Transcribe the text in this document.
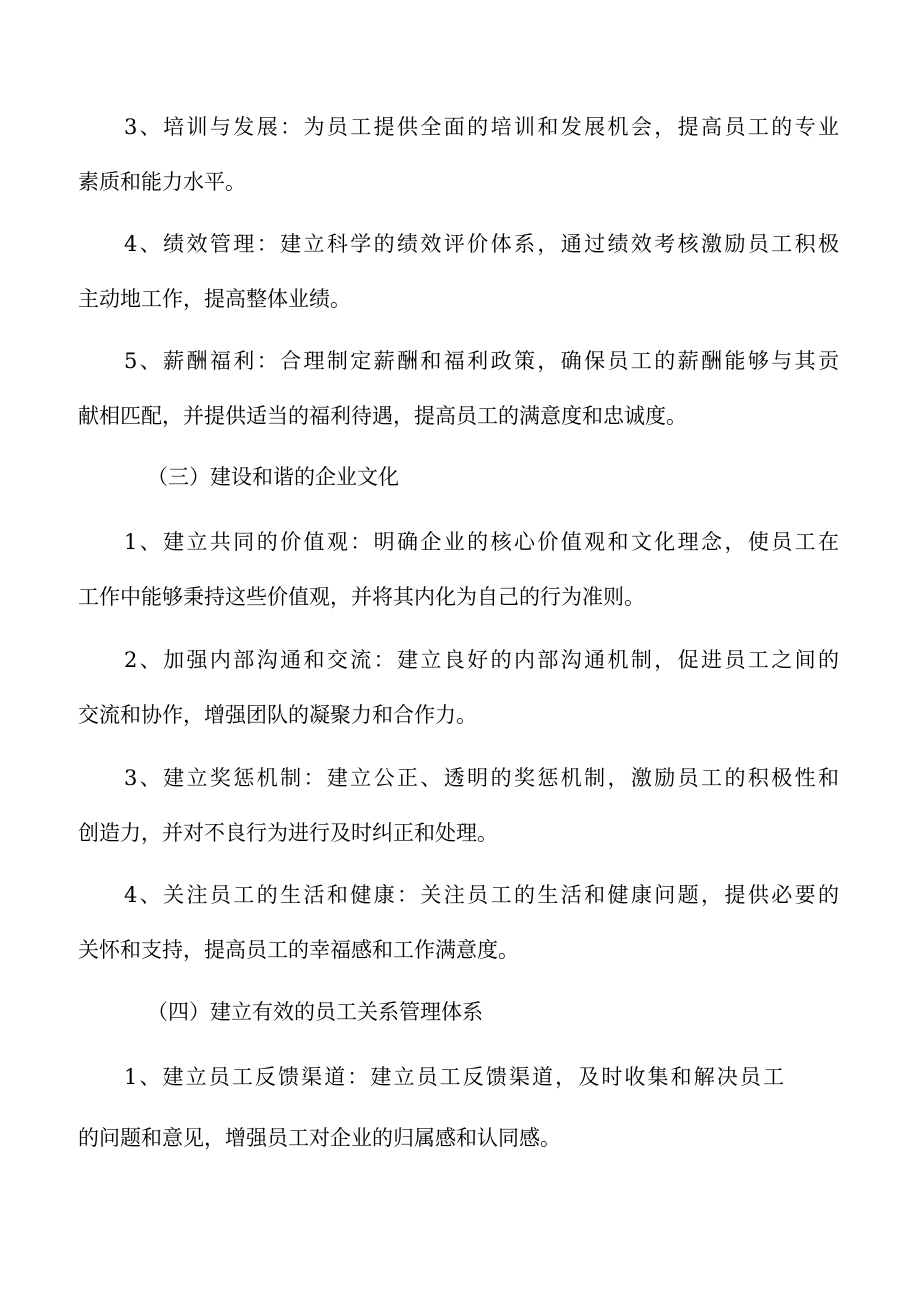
3、培训与发展：为员工提供全面的培训和发展机会，提高员工的专业
素质和能力水平。
4、绩效管理：建立科学的绩效评价体系，通过绩效考核激励员工积极
主动地工作，提高整体业绩。
5、薪酬福利：合理制定薪酬和福利政策，确保员工的薪酬能够与其贡
献相匹配，并提供适当的福利待遇，提高员工的满意度和忠诚度。
（三）建设和谐的企业文化
1、建立共同的价值观：明确企业的核心价值观和文化理念，使员工在
工作中能够秉持这些价值观，并将其内化为自己的行为准则。
2、加强内部沟通和交流：建立良好的内部沟通机制，促进员工之间的
交流和协作，增强团队的凝聚力和合作力。
3、建立奖惩机制：建立公正、透明的奖惩机制，激励员工的积极性和
创造力，并对不良行为进行及时纠正和处理。
4、关注员工的生活和健康：关注员工的生活和健康问题，提供必要的
关怀和支持，提高员工的幸福感和工作满意度。
（四）建立有效的员工关系管理体系
1、建立员工反馈渠道：建立员工反馈渠道，及时收集和解决员工
的问题和意见，增强员工对企业的归属感和认同感。
